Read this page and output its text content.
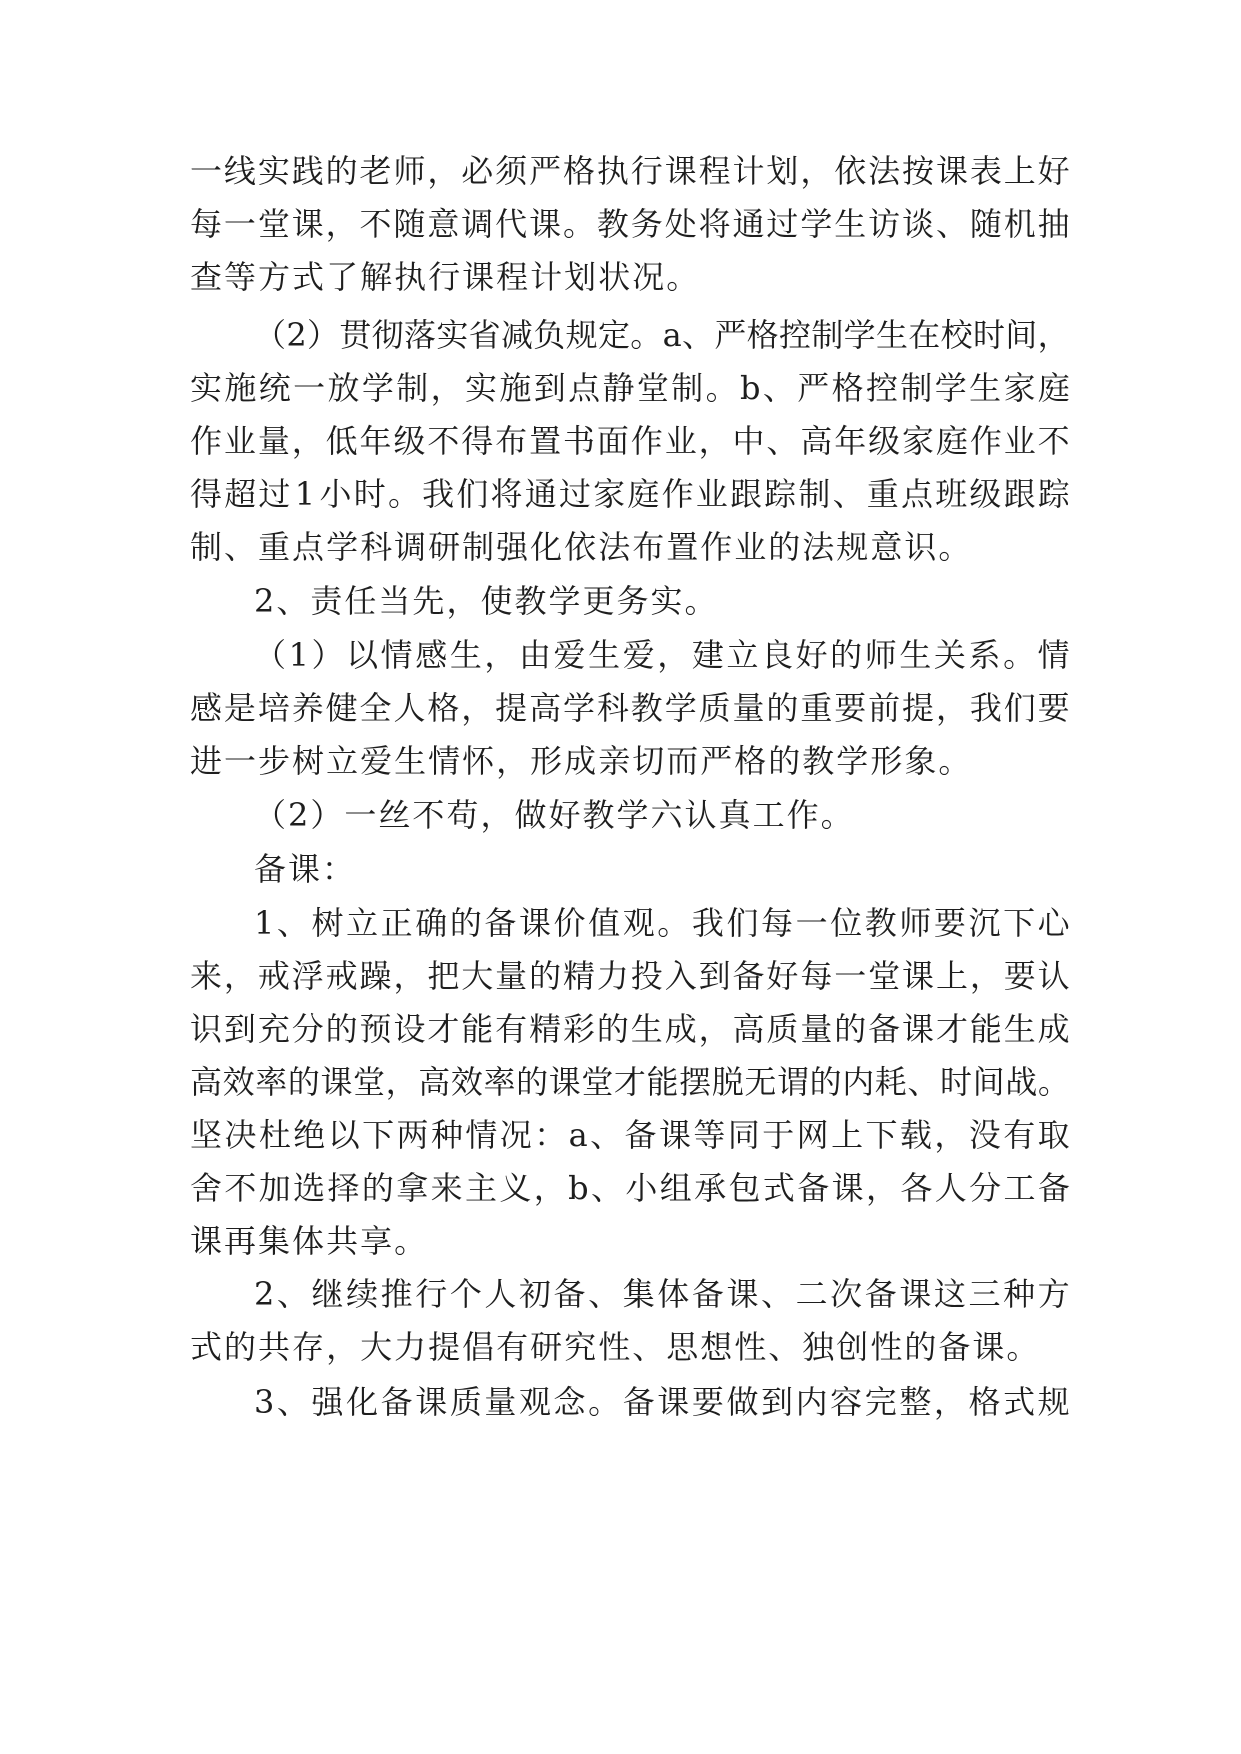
一 线 实 践 的 老 师 ， 必 须 严 格 执 行 课 程 计 划 ， 依 法 按 课 表 上 好
每 一 堂 课 ， 不 随 意 调 代 课 。 教 务 处 将 通 过 学 生 访 谈 、 随 机 抽
查 等 方 式 了 解 执 行 课 程 计 划 状 况 。
（ 2 ） 贯 彻 落 实 省 减 负 规 定 。 a 、 严 格 控 制 学 生 在 校 时 间 ，
实 施 统 一 放 学 制 ， 实 施 到 点 静 堂 制 。 b 、 严 格 控 制 学 生 家 庭
作 业 量 ， 低 年 级 不 得 布 置 书 面 作 业 ， 中 、 高 年 级 家 庭 作 业 不
得 超 过 1 小 时 。 我 们 将 通 过 家 庭 作 业 跟 踪 制 、 重 点 班 级 跟 踪
制 、 重 点 学 科 调 研 制 强 化 依 法 布 置 作 业 的 法 规 意 识 。
2 、 责 任 当 先 ， 使 教 学 更 务 实 。
（ 1 ） 以 情 感 生 ， 由 爱 生 爱 ， 建 立 良 好 的 师 生 关 系 。 情
感 是 培 养 健 全 人 格 ， 提 高 学 科 教 学 质 量 的 重 要 前 提 ， 我 们 要
进 一 步 树 立 爱 生 情 怀 ， 形 成 亲 切 而 严 格 的 教 学 形 象 。
（ 2 ） 一 丝 不 苟 ， 做 好 教 学 六 认 真 工 作 。
备 课 ：
1 、 树 立 正 确 的 备 课 价 值 观 。 我 们 每 一 位 教 师 要 沉 下 心
来 ， 戒 浮 戒 躁 ， 把 大 量 的 精 力 投 入 到 备 好 每 一 堂 课 上 ， 要 认
识 到 充 分 的 预 设 才 能 有 精 彩 的 生 成 ， 高 质 量 的 备 课 才 能 生 成
高 效 率 的 课 堂 ， 高 效 率 的 课 堂 才 能 摆 脱 无 谓 的 内 耗 、 时 间 战 。
坚 决 杜 绝 以 下 两 种 情 况 ： a 、 备 课 等 同 于 网 上 下 载 ， 没 有 取
舍 不 加 选 择 的 拿 来 主 义 ， b 、 小 组 承 包 式 备 课 ， 各 人 分 工 备
课 再 集 体 共 享 。
2 、 继 续 推 行 个 人 初 备 、 集 体 备 课 、 二 次 备 课 这 三 种 方
式 的 共 存 ， 大 力 提 倡 有 研 究 性 、 思 想 性 、 独 创 性 的 备 课 。
3 、 强 化 备 课 质 量 观 念 。 备 课 要 做 到 内 容 完 整 ， 格 式 规
